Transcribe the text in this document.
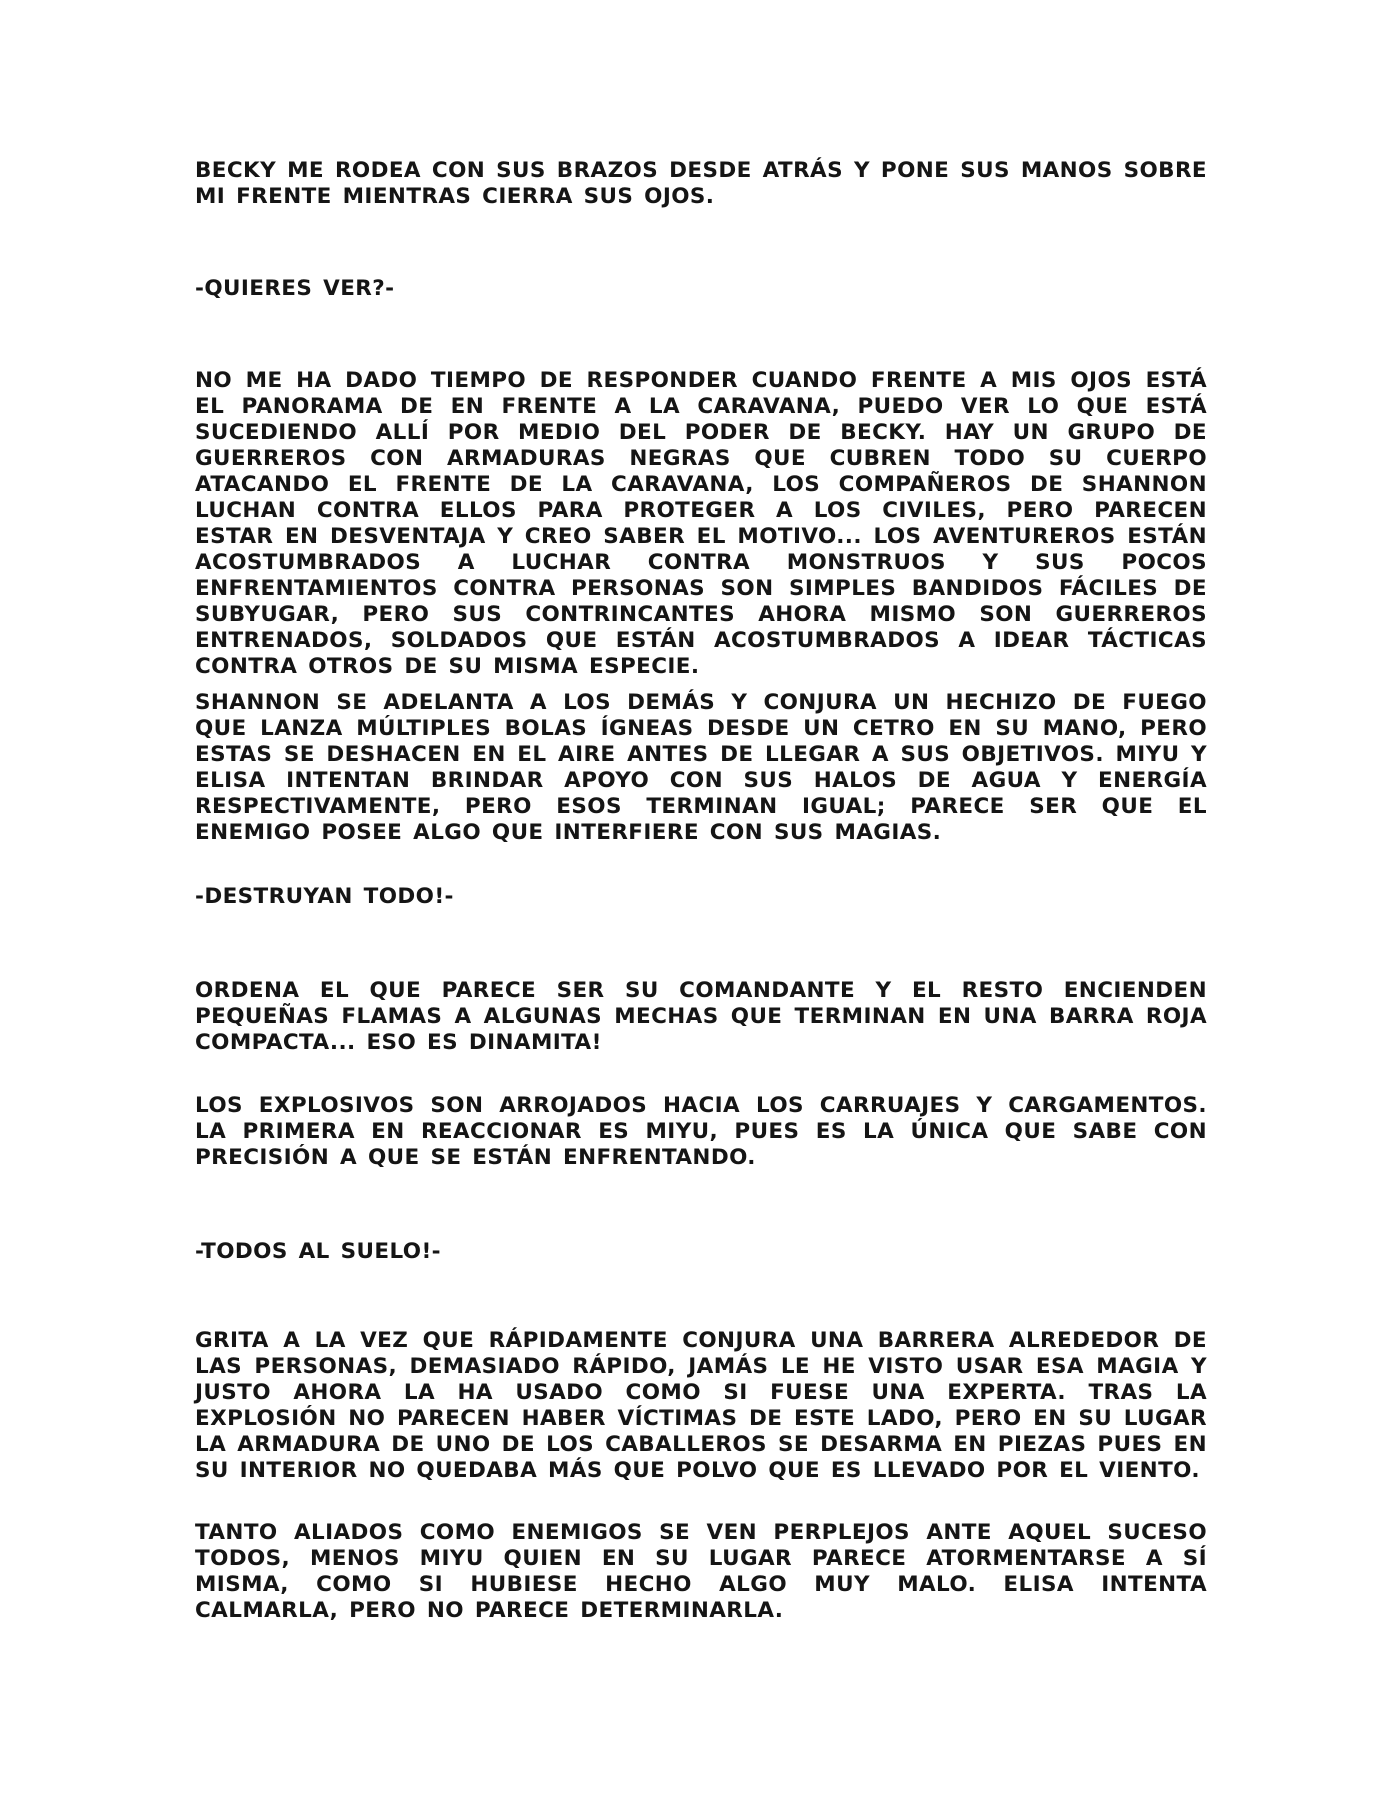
BECKY ME RODEA CON SUS BRAZOS DESDE ATRÁS Y PONE SUS MANOS SOBRE MI FRENTE MIENTRAS CIERRA SUS OJOS.

-QUIERES VER?-

NO ME HA DADO TIEMPO DE RESPONDER CUANDO FRENTE A MIS OJOS ESTÁ EL PANORAMA DE EN FRENTE A LA CARAVANA, PUEDO VER LO QUE ESTÁ SUCEDIENDO ALLÍ POR MEDIO DEL PODER DE BECKY. HAY UN GRUPO DE GUERREROS CON ARMADURAS NEGRAS QUE CUBREN TODO SU CUERPO ATACANDO EL FRENTE DE LA CARAVANA, LOS COMPAÑEROS DE SHANNON LUCHAN CONTRA ELLOS PARA PROTEGER A LOS CIVILES, PERO PARECEN ESTAR EN DESVENTAJA Y CREO SABER EL MOTIVO... LOS AVENTUREROS ESTÁN ACOSTUMBRADOS A LUCHAR CONTRA MONSTRUOS Y SUS POCOS ENFRENTAMIENTOS CONTRA PERSONAS SON SIMPLES BANDIDOS FÁCILES DE SUBYUGAR, PERO SUS CONTRINCANTES AHORA MISMO SON GUERREROS ENTRENADOS, SOLDADOS QUE ESTÁN ACOSTUMBRADOS A IDEAR TÁCTICAS CONTRA OTROS DE SU MISMA ESPECIE.

SHANNON SE ADELANTA A LOS DEMÁS Y CONJURA UN HECHIZO DE FUEGO QUE LANZA MÚLTIPLES BOLAS ÍGNEAS DESDE UN CETRO EN SU MANO, PERO ESTAS SE DESHACEN EN EL AIRE ANTES DE LLEGAR A SUS OBJETIVOS. MIYU Y ELISA INTENTAN BRINDAR APOYO CON SUS HALOS DE AGUA Y ENERGÍA RESPECTIVAMENTE, PERO ESOS TERMINAN IGUAL; PARECE SER QUE EL ENEMIGO POSEE ALGO QUE INTERFIERE CON SUS MAGIAS.

-DESTRUYAN TODO!-

ORDENA EL QUE PARECE SER SU COMANDANTE Y EL RESTO ENCIENDEN PEQUEÑAS FLAMAS A ALGUNAS MECHAS QUE TERMINAN EN UNA BARRA ROJA COMPACTA... ESO ES DINAMITA!

LOS EXPLOSIVOS SON ARROJADOS HACIA LOS CARRUAJES Y CARGAMENTOS. LA PRIMERA EN REACCIONAR ES MIYU, PUES ES LA ÚNICA QUE SABE CON PRECISIÓN A QUE SE ESTÁN ENFRENTANDO.

-TODOS AL SUELO!-

GRITA A LA VEZ QUE RÁPIDAMENTE CONJURA UNA BARRERA ALREDEDOR DE LAS PERSONAS, DEMASIADO RÁPIDO, JAMÁS LE HE VISTO USAR ESA MAGIA Y JUSTO AHORA LA HA USADO COMO SI FUESE UNA EXPERTA. TRAS LA EXPLOSIÓN NO PARECEN HABER VÍCTIMAS DE ESTE LADO, PERO EN SU LUGAR LA ARMADURA DE UNO DE LOS CABALLEROS SE DESARMA EN PIEZAS PUES EN SU INTERIOR NO QUEDABA MÁS QUE POLVO QUE ES LLEVADO POR EL VIENTO.

TANTO ALIADOS COMO ENEMIGOS SE VEN PERPLEJOS ANTE AQUEL SUCESO TODOS, MENOS MIYU QUIEN EN SU LUGAR PARECE ATORMENTARSE A SÍ MISMA, COMO SI HUBIESE HECHO ALGO MUY MALO. ELISA INTENTA CALMARLA, PERO NO PARECE DETERMINARLA.
